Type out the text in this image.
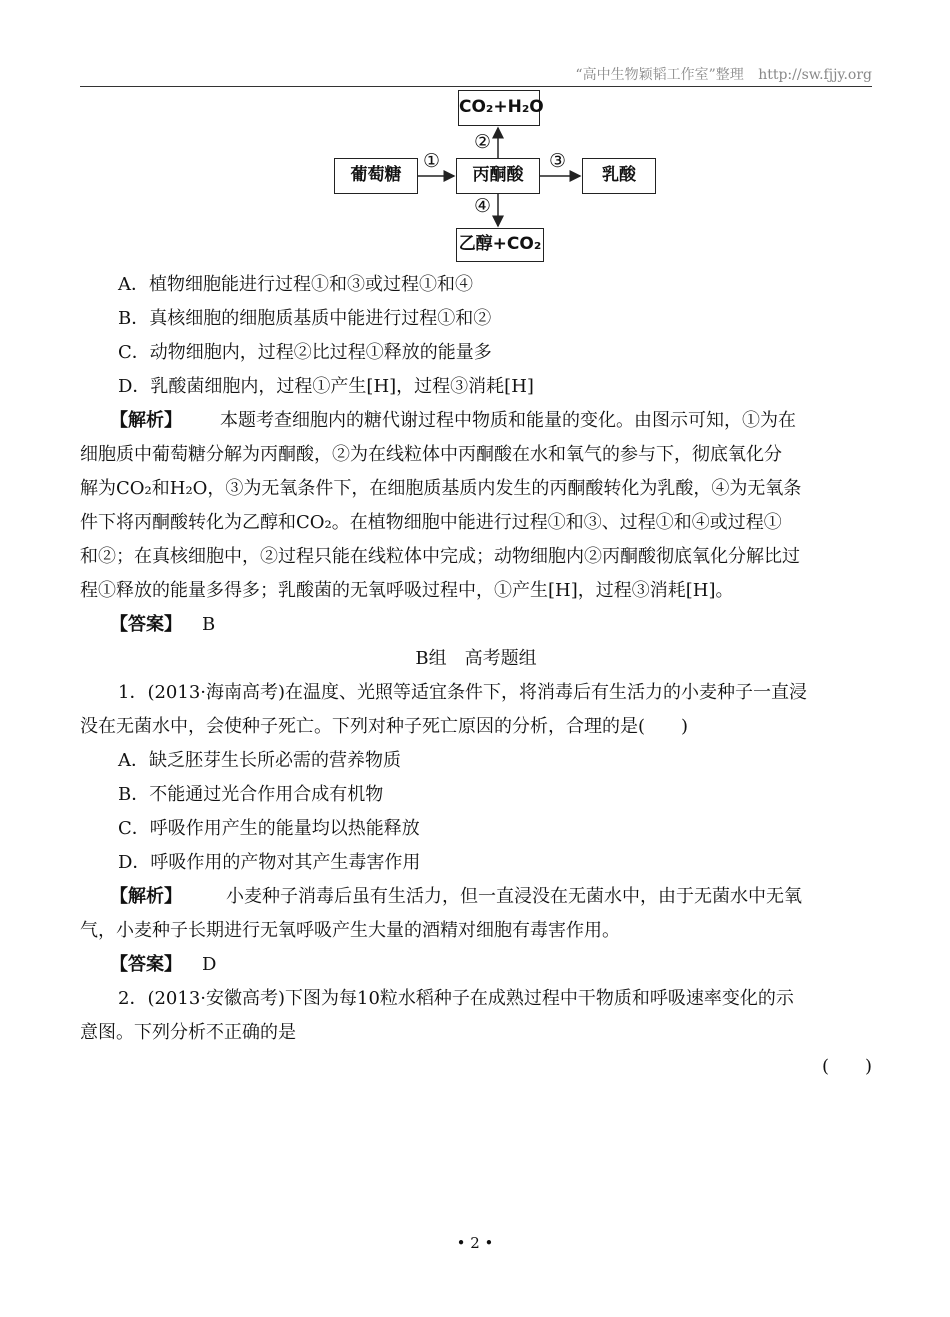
“高中生物颖韬工作室”整理 http://sw.fjjy.org
CO₂+H₂O
葡萄糖	丙酮酸	乳酸
乙醇+CO₂
①
②
③
④
A．植物细胞能进行过程①和③或过程①和④
B．真核细胞的细胞质基质中能进行过程①和②
C．动物细胞内，过程②比过程①释放的能量多
D．乳酸菌细胞内，过程①产生[H]，过程③消耗[H]
【解析】 本题考查细胞内的糖代谢过程中物质和能量的变化。由图示可知，①为在
细胞质中葡萄糖分解为丙酮酸，②为在线粒体中丙酮酸在水和氧气的参与下，彻底氧化分
解为CO₂和H₂O，③为无氧条件下，在细胞质基质内发生的丙酮酸转化为乳酸，④为无氧条
件下将丙酮酸转化为乙醇和CO₂。在植物细胞中能进行过程①和③、过程①和④或过程①
和②；在真核细胞中，②过程只能在线粒体中完成；动物细胞内②丙酮酸彻底氧化分解比过
程①释放的能量多得多；乳酸菌的无氧呼吸过程中，①产生[H]，过程③消耗[H]。
【答案】 B
B组　高考题组
1．(2013·海南高考)在温度、光照等适宜条件下，将消毒后有生活力的小麦种子一直浸
没在无菌水中，会使种子死亡。下列对种子死亡原因的分析，合理的是(　　)
A．缺乏胚芽生长所必需的营养物质
B．不能通过光合作用合成有机物
C．呼吸作用产生的能量均以热能释放
D．呼吸作用的产物对其产生毒害作用
【解析】 小麦种子消毒后虽有生活力，但一直浸没在无菌水中，由于无菌水中无氧
气，小麦种子长期进行无氧呼吸产生大量的酒精对细胞有毒害作用。
【答案】 D
2．(2013·安徽高考)下图为每10粒水稻种子在成熟过程中干物质和呼吸速率变化的示
意图。下列分析不正确的是
(　　)
• 2 •
